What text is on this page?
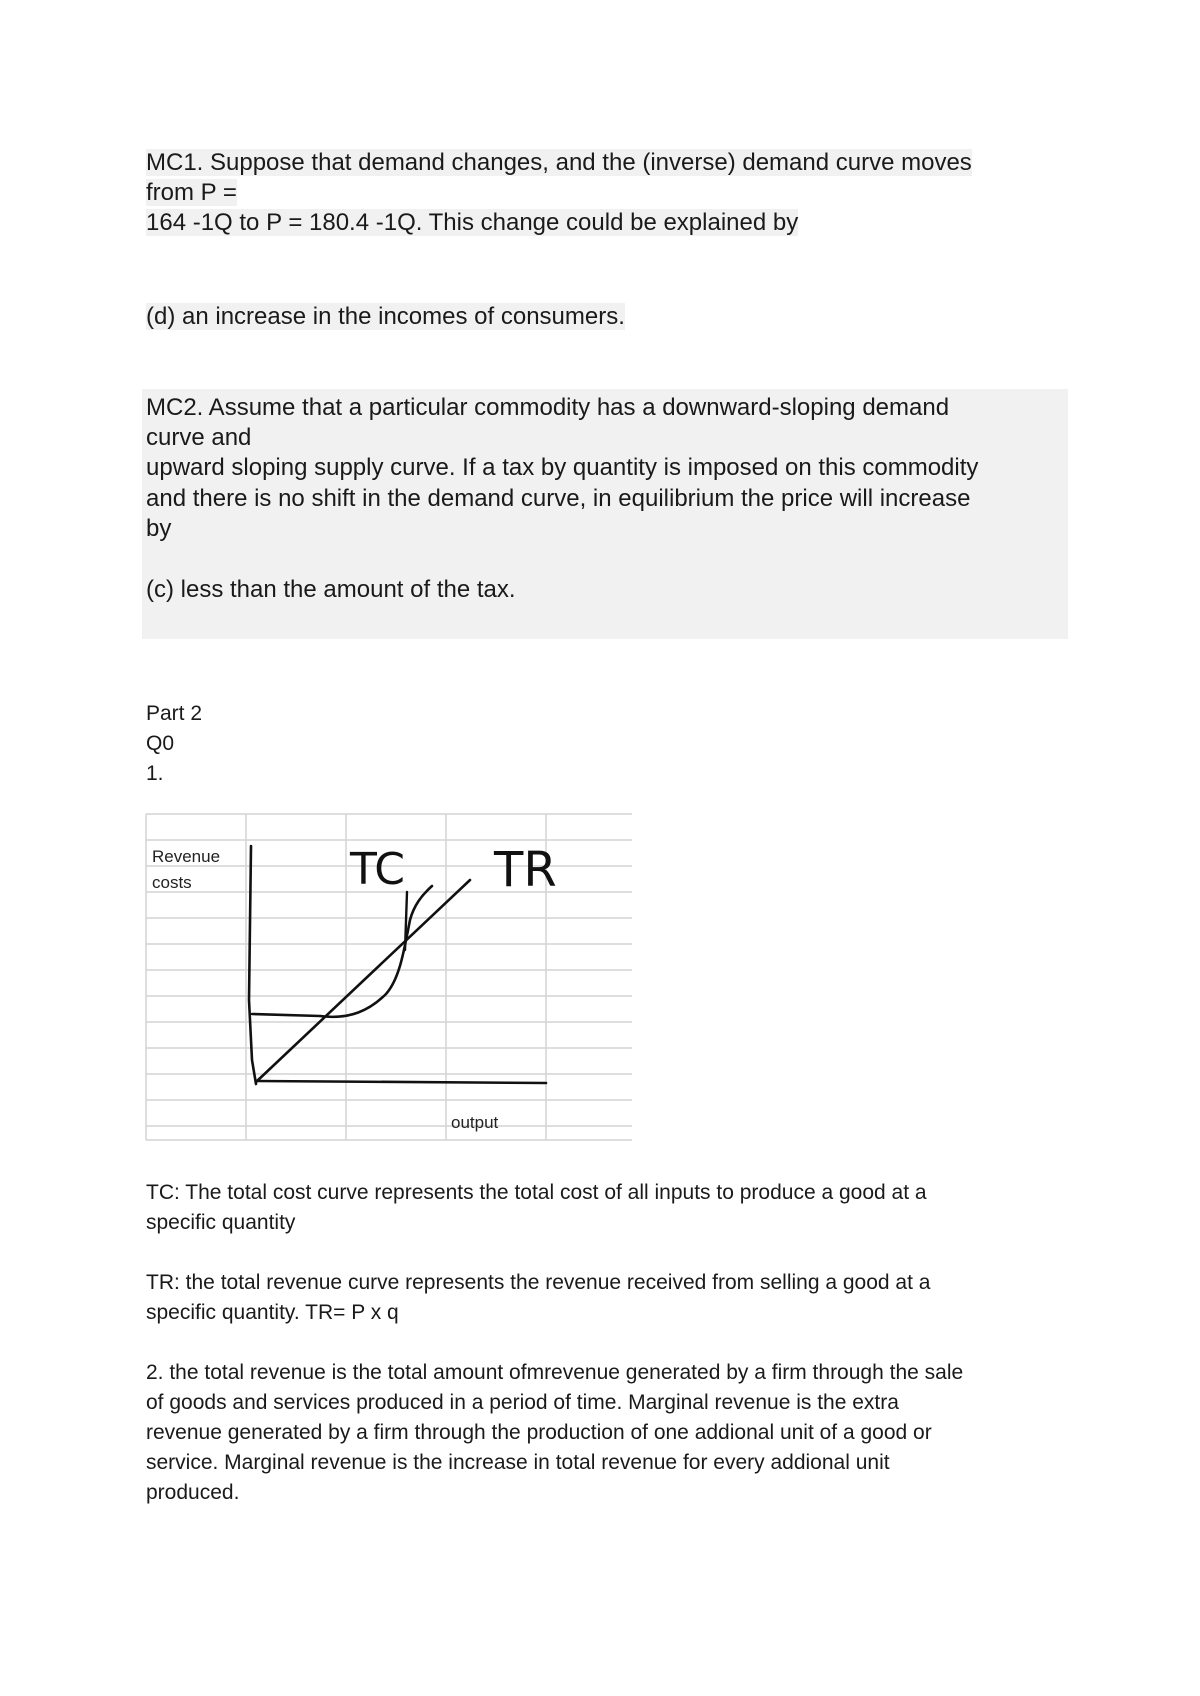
MC1. Suppose that demand changes, and the (inverse) demand curve moves
from P =
164 -1Q to P = 180.4 -1Q. This change could be explained by
(d) an increase in the incomes of consumers.
MC2. Assume that a particular commodity has a downward-sloping demand
curve and
upward sloping supply curve. If a tax by quantity is imposed on this commodity
and there is no shift in the demand curve, in equilibrium the price will increase
by
(c) less than the amount of the tax.
Part 2
Q0
1.
Revenue
costs
output
TC TR
TC: The total cost curve represents the total cost of all inputs to produce a good at a
specific quantity
TR: the total revenue curve represents the revenue received from selling a good at a
specific quantity. TR= P x q
2. the total revenue is the total amount ofmrevenue generated by a firm through the sale
of goods and services produced in a period of time. Marginal revenue is the extra
revenue generated by a firm through the production of one addional unit of a good or
service. Marginal revenue is the increase in total revenue for every addional unit
produced.
